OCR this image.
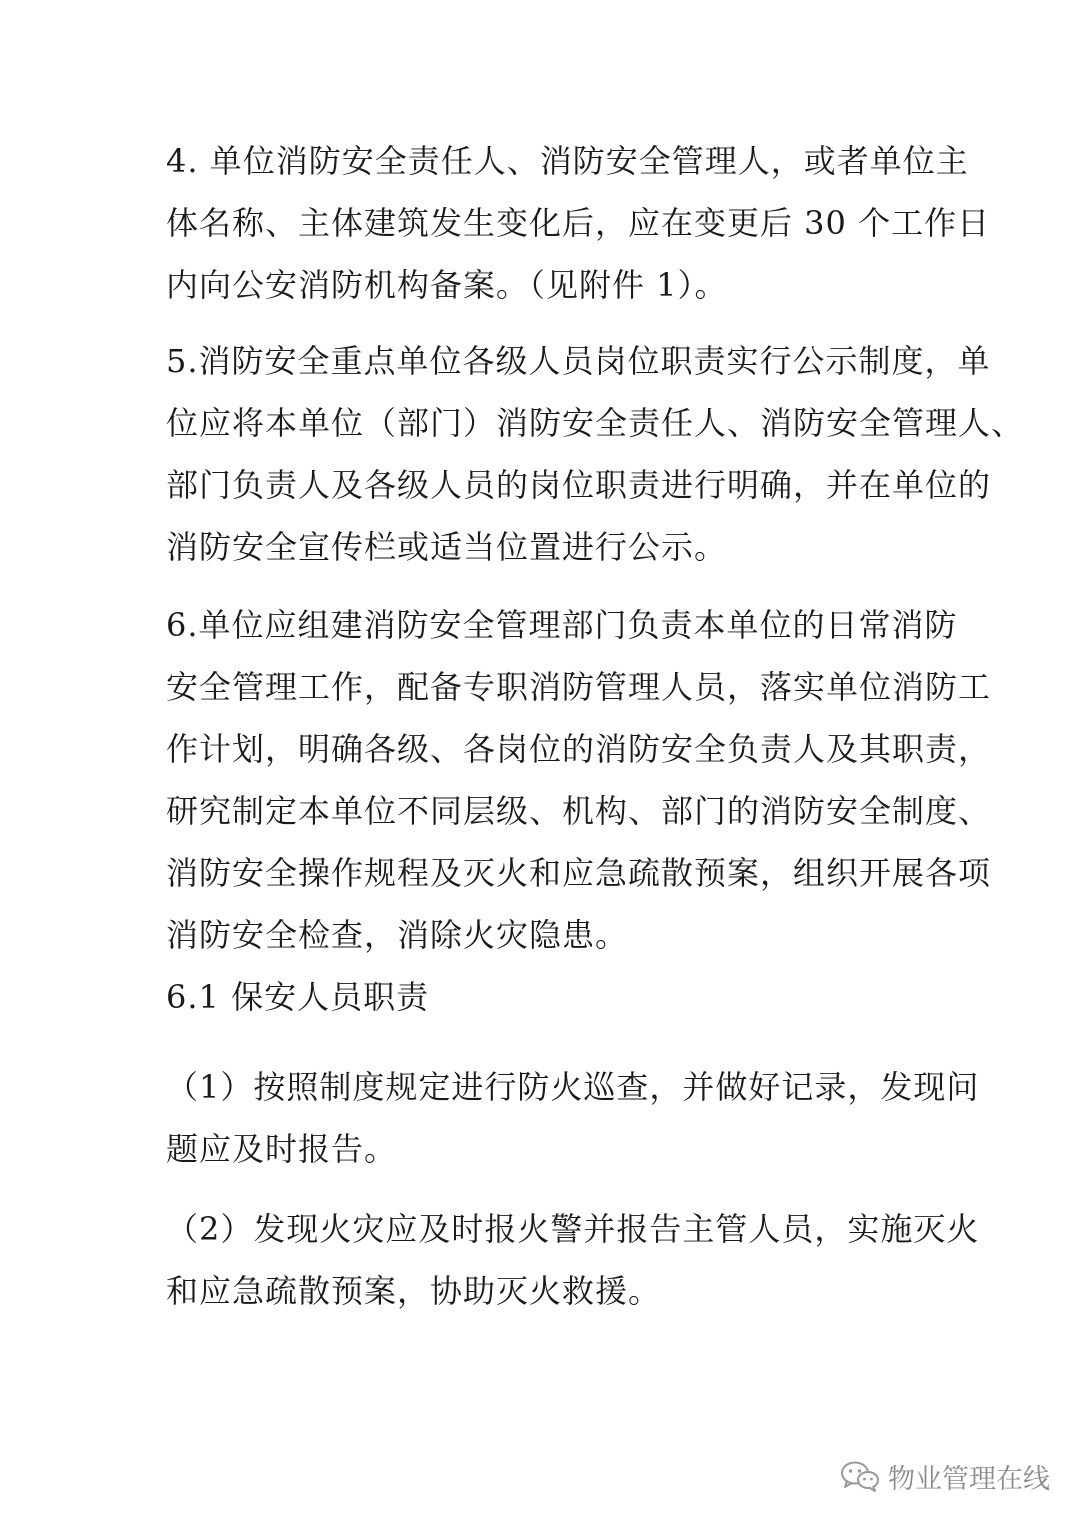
4. 单位消防安全责任人、消防安全管理人，或者单位主
体名称、主体建筑发生变化后，应在变更后 30 个工作日
内向公安消防机构备案。（见附件 1）。
5.消防安全重点单位各级人员岗位职责实行公示制度，单
位应将本单位（部门）消防安全责任人、消防安全管理人、
部门负责人及各级人员的岗位职责进行明确，并在单位的
消防安全宣传栏或适当位置进行公示。
6.单位应组建消防安全管理部门负责本单位的日常消防
安全管理工作，配备专职消防管理人员，落实单位消防工
作计划，明确各级、各岗位的消防安全负责人及其职责，
研究制定本单位不同层级、机构、部门的消防安全制度、
消防安全操作规程及灭火和应急疏散预案，组织开展各项
消防安全检查，消除火灾隐患。
6.1 保安人员职责
（1）按照制度规定进行防火巡查，并做好记录，发现问
题应及时报告。
（2）发现火灾应及时报火警并报告主管人员，实施灭火
和应急疏散预案，协助灭火救援。
物业管理在线
